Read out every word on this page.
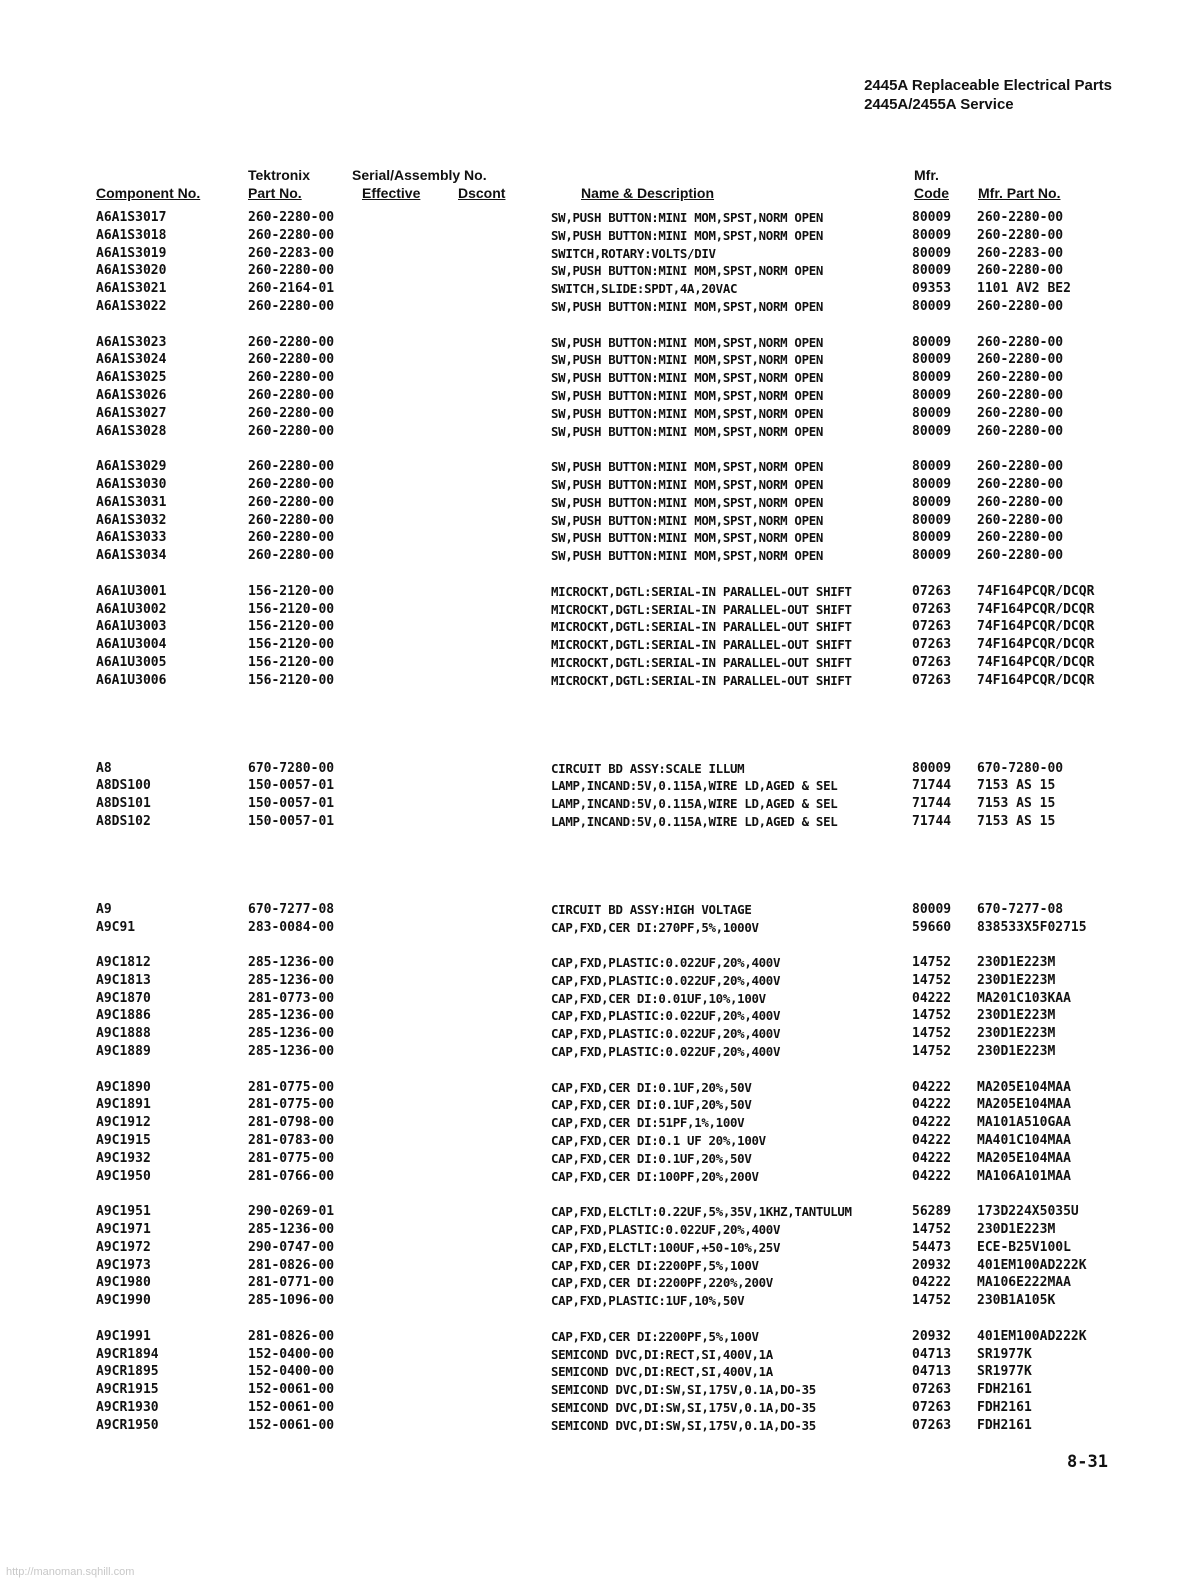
2445A Replaceable Electrical Parts
2445A/2455A Service
Tektronix	Serial/Assembly No.	Mfr.
Component No.	Part No.	Effective	Dscont	Name & Description	Code Mfr. Part No.
A6A1S3017	260-2280-00	SW,PUSH BUTTON:MINI MOM,SPST,NORM OPEN	80009 260-2280-00
A6A1S3018	260-2280-00	SW,PUSH BUTTON:MINI MOM,SPST,NORM OPEN	80009 260-2280-00
A6A1S3019	260-2283-00	SWITCH,ROTARY:VOLTS/DIV	80009 260-2283-00
A6A1S3020	260-2280-00	SW,PUSH BUTTON:MINI MOM,SPST,NORM OPEN	80009 260-2280-00
A6A1S3021	260-2164-01	SWITCH,SLIDE:SPDT,4A,20VAC	09353 1101 AV2 BE2
A6A1S3022	260-2280-00	SW,PUSH BUTTON:MINI MOM,SPST,NORM OPEN	80009 260-2280-00
A6A1S3023	260-2280-00	SW,PUSH BUTTON:MINI MOM,SPST,NORM OPEN	80009 260-2280-00
A6A1S3024	260-2280-00	SW,PUSH BUTTON:MINI MOM,SPST,NORM OPEN	80009 260-2280-00
A6A1S3025	260-2280-00	SW,PUSH BUTTON:MINI MOM,SPST,NORM OPEN	80009 260-2280-00
A6A1S3026	260-2280-00	SW,PUSH BUTTON:MINI MOM,SPST,NORM OPEN	80009 260-2280-00
A6A1S3027	260-2280-00	SW,PUSH BUTTON:MINI MOM,SPST,NORM OPEN	80009 260-2280-00
A6A1S3028	260-2280-00	SW,PUSH BUTTON:MINI MOM,SPST,NORM OPEN	80009 260-2280-00
A6A1S3029	260-2280-00	SW,PUSH BUTTON:MINI MOM,SPST,NORM OPEN	80009 260-2280-00
A6A1S3030	260-2280-00	SW,PUSH BUTTON:MINI MOM,SPST,NORM OPEN	80009 260-2280-00
A6A1S3031	260-2280-00	SW,PUSH BUTTON:MINI MOM,SPST,NORM OPEN	80009 260-2280-00
A6A1S3032	260-2280-00	SW,PUSH BUTTON:MINI MOM,SPST,NORM OPEN	80009 260-2280-00
A6A1S3033	260-2280-00	SW,PUSH BUTTON:MINI MOM,SPST,NORM OPEN	80009 260-2280-00
A6A1S3034	260-2280-00	SW,PUSH BUTTON:MINI MOM,SPST,NORM OPEN	80009 260-2280-00
A6A1U3001	156-2120-00	MICROCKT,DGTL:SERIAL-IN PARALLEL-OUT SHIFT	07263 74F164PCQR/DCQR
A6A1U3002	156-2120-00	MICROCKT,DGTL:SERIAL-IN PARALLEL-OUT SHIFT	07263 74F164PCQR/DCQR
A6A1U3003	156-2120-00	MICROCKT,DGTL:SERIAL-IN PARALLEL-OUT SHIFT	07263 74F164PCQR/DCQR
A6A1U3004	156-2120-00	MICROCKT,DGTL:SERIAL-IN PARALLEL-OUT SHIFT	07263 74F164PCQR/DCQR
A6A1U3005	156-2120-00	MICROCKT,DGTL:SERIAL-IN PARALLEL-OUT SHIFT	07263 74F164PCQR/DCQR
A6A1U3006	156-2120-00	MICROCKT,DGTL:SERIAL-IN PARALLEL-OUT SHIFT	07263 74F164PCQR/DCQR
A8	670-7280-00	CIRCUIT BD ASSY:SCALE ILLUM	80009 670-7280-00
A8DS100	150-0057-01	LAMP,INCAND:5V,0.115A,WIRE LD,AGED & SEL	71744 7153 AS 15
A8DS101	150-0057-01	LAMP,INCAND:5V,0.115A,WIRE LD,AGED & SEL	71744 7153 AS 15
A8DS102	150-0057-01	LAMP,INCAND:5V,0.115A,WIRE LD,AGED & SEL	71744 7153 AS 15
A9	670-7277-08	CIRCUIT BD ASSY:HIGH VOLTAGE	80009 670-7277-08
A9C91	283-0084-00	CAP,FXD,CER DI:270PF,5%,1000V	59660 838533X5F02715
A9C1812	285-1236-00	CAP,FXD,PLASTIC:0.022UF,20%,400V	14752 230D1E223M
A9C1813	285-1236-00	CAP,FXD,PLASTIC:0.022UF,20%,400V	14752 230D1E223M
A9C1870	281-0773-00	CAP,FXD,CER DI:0.01UF,10%,100V	04222 MA201C103KAA
A9C1886	285-1236-00	CAP,FXD,PLASTIC:0.022UF,20%,400V	14752 230D1E223M
A9C1888	285-1236-00	CAP,FXD,PLASTIC:0.022UF,20%,400V	14752 230D1E223M
A9C1889	285-1236-00	CAP,FXD,PLASTIC:0.022UF,20%,400V	14752 230D1E223M
A9C1890	281-0775-00	CAP,FXD,CER DI:0.1UF,20%,50V	04222 MA205E104MAA
A9C1891	281-0775-00	CAP,FXD,CER DI:0.1UF,20%,50V	04222 MA205E104MAA
A9C1912	281-0798-00	CAP,FXD,CER DI:51PF,1%,100V	04222 MA101A510GAA
A9C1915	281-0783-00	CAP,FXD,CER DI:0.1 UF 20%,100V	04222 MA401C104MAA
A9C1932	281-0775-00	CAP,FXD,CER DI:0.1UF,20%,50V	04222 MA205E104MAA
A9C1950	281-0766-00	CAP,FXD,CER DI:100PF,20%,200V	04222 MA106A101MAA
A9C1951	290-0269-01	CAP,FXD,ELCTLT:0.22UF,5%,35V,1KHZ,TANTULUM	56289 173D224X5035U
A9C1971	285-1236-00	CAP,FXD,PLASTIC:0.022UF,20%,400V	14752 230D1E223M
A9C1972	290-0747-00	CAP,FXD,ELCTLT:100UF,+50-10%,25V	54473 ECE-B25V100L
A9C1973	281-0826-00	CAP,FXD,CER DI:2200PF,5%,100V	20932 401EM100AD222K
A9C1980	281-0771-00	CAP,FXD,CER DI:2200PF,220%,200V	04222 MA106E222MAA
A9C1990	285-1096-00	CAP,FXD,PLASTIC:1UF,10%,50V	14752 230B1A105K
A9C1991	281-0826-00	CAP,FXD,CER DI:2200PF,5%,100V	20932 401EM100AD222K
A9CR1894	152-0400-00	SEMICOND DVC,DI:RECT,SI,400V,1A	04713 SR1977K
A9CR1895	152-0400-00	SEMICOND DVC,DI:RECT,SI,400V,1A	04713 SR1977K
A9CR1915	152-0061-00	SEMICOND DVC,DI:SW,SI,175V,0.1A,DO-35	07263 FDH2161
A9CR1930	152-0061-00	SEMICOND DVC,DI:SW,SI,175V,0.1A,DO-35	07263 FDH2161
A9CR1950	152-0061-00	SEMICOND DVC,DI:SW,SI,175V,0.1A,DO-35	07263 FDH2161
8-31
http://manoman.sqhill.com
